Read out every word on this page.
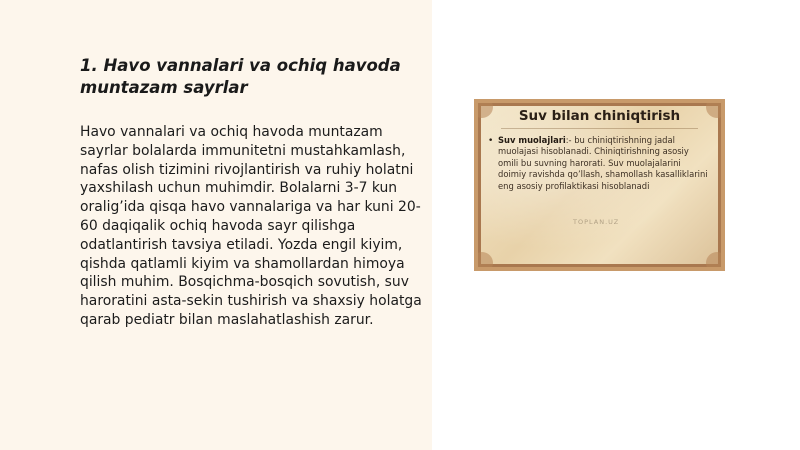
1. Havo vannalari va ochiq havoda muntazam sayrlar

Havo vannalari va ochiq havoda muntazam sayrlar bolalarda immunitetni mustahkamlash, nafas olish tizimini rivojlantirish va ruhiy holatni yaxshilash uchun muhimdir. Bolalarni 3-7 kun oralig’ida qisqa havo vannalariga va har kuni 20-60 daqiqalik ochiq havoda sayr qilishga odatlantirish tavsiya etiladi. Yozda engil kiyim, qishda qatlamli kiyim va shamollardan himoya qilish muhim. Bosqichma-bosqich sovutish, suv haroratini asta-sekin tushirish va shaxsiy holatga qarab pediatr bilan maslahatlashish zarur.

Suv bilan chiniqtirish

• Suv muolajlari:- bu chiniqtirishning jadal muolajasi hisoblanadi. Chiniqtirishning asosiy omili bu suvning harorati. Suv muolajalarini doimiy ravishda qo’llash, shamollash kasalliklarini eng asosiy profilaktikasi hisoblanadi

TOPLAN.UZ
